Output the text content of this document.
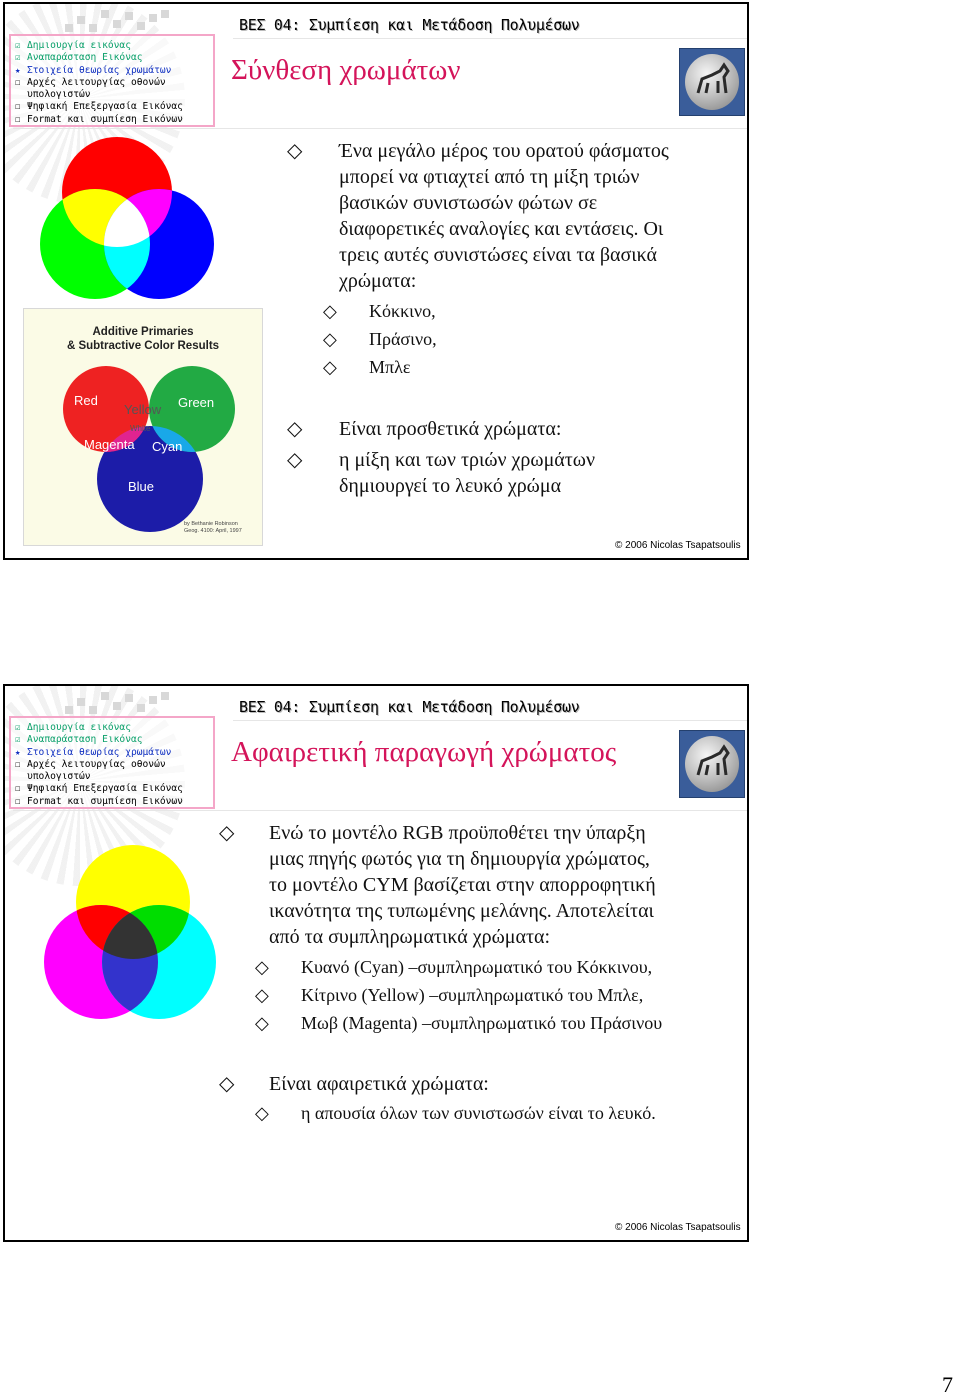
ΒΕΣ 04: Συμπίεση και Μετάδοση Πολυμέσων
☑ Δημιουργία εικόνας
☑ Αναπαράσταση Εικόνας
★ Στοιχεία θεωρίας χρωμάτων
☐ Αρχές λειτουργίας οθονών
υπολογιστών
☐ Ψηφιακή Επεξεργασία Εικόνας
☐ Format και συμπίεση Εικόνων
Σύνθεση χρωμάτων
Additive Primaries
& Subtractive Color Results
Red	Green
Yellow
Magenta
White
Cyan
Blue
by Bethanie Robinson
Geog. 4100: April, 1997
◇ Ένα μεγάλο μέρος του ορατού φάσματος
μπορεί να φτιαχτεί από τη μίξη τριών
βασικών συνιστωσών φώτων σε
διαφορετικές αναλογίες και εντάσεις. Οι
τρεις αυτές συνιστώσες είναι τα βασικά
χρώματα:
◇ Κόκκινο,
◇ Πράσινο,
◇ Μπλε
◇ Είναι προσθετικά χρώματα:
◇ η μίξη και των τριών χρωμάτων
δημιουργεί το λευκό χρώμα
© 2006 Nicolas Tsapatsoulis
ΒΕΣ 04: Συμπίεση και Μετάδοση Πολυμέσων
☑ Δημιουργία εικόνας
☑ Αναπαράσταση Εικόνας
★ Στοιχεία θεωρίας χρωμάτων
☐ Αρχές λειτουργίας οθονών
υπολογιστών
☐ Ψηφιακή Επεξεργασία Εικόνας
☐ Format και συμπίεση Εικόνων
Αφαιρετική παραγωγή χρώματος
◇ Ενώ το μοντέλο RGB προϋποθέτει την ύπαρξη
μιας πηγής φωτός για τη δημιουργία χρώματος,
το μοντέλο CYM βασίζεται στην απορροφητική
ικανότητα της τυπωμένης μελάνης. Αποτελείται
από τα συμπληρωματικά χρώματα:
◇ Κυανό (Cyan) –συμπληρωματικό του Κόκκινου,
◇ Κίτρινο (Yellow) –συμπληρωματικό του Μπλε,
◇ Μωβ (Magenta) –συμπληρωματικό του Πράσινου
◇ Είναι αφαιρετικά χρώματα:
◇ η απουσία όλων των συνιστωσών είναι το λευκό.
© 2006 Nicolas Tsapatsoulis
7
